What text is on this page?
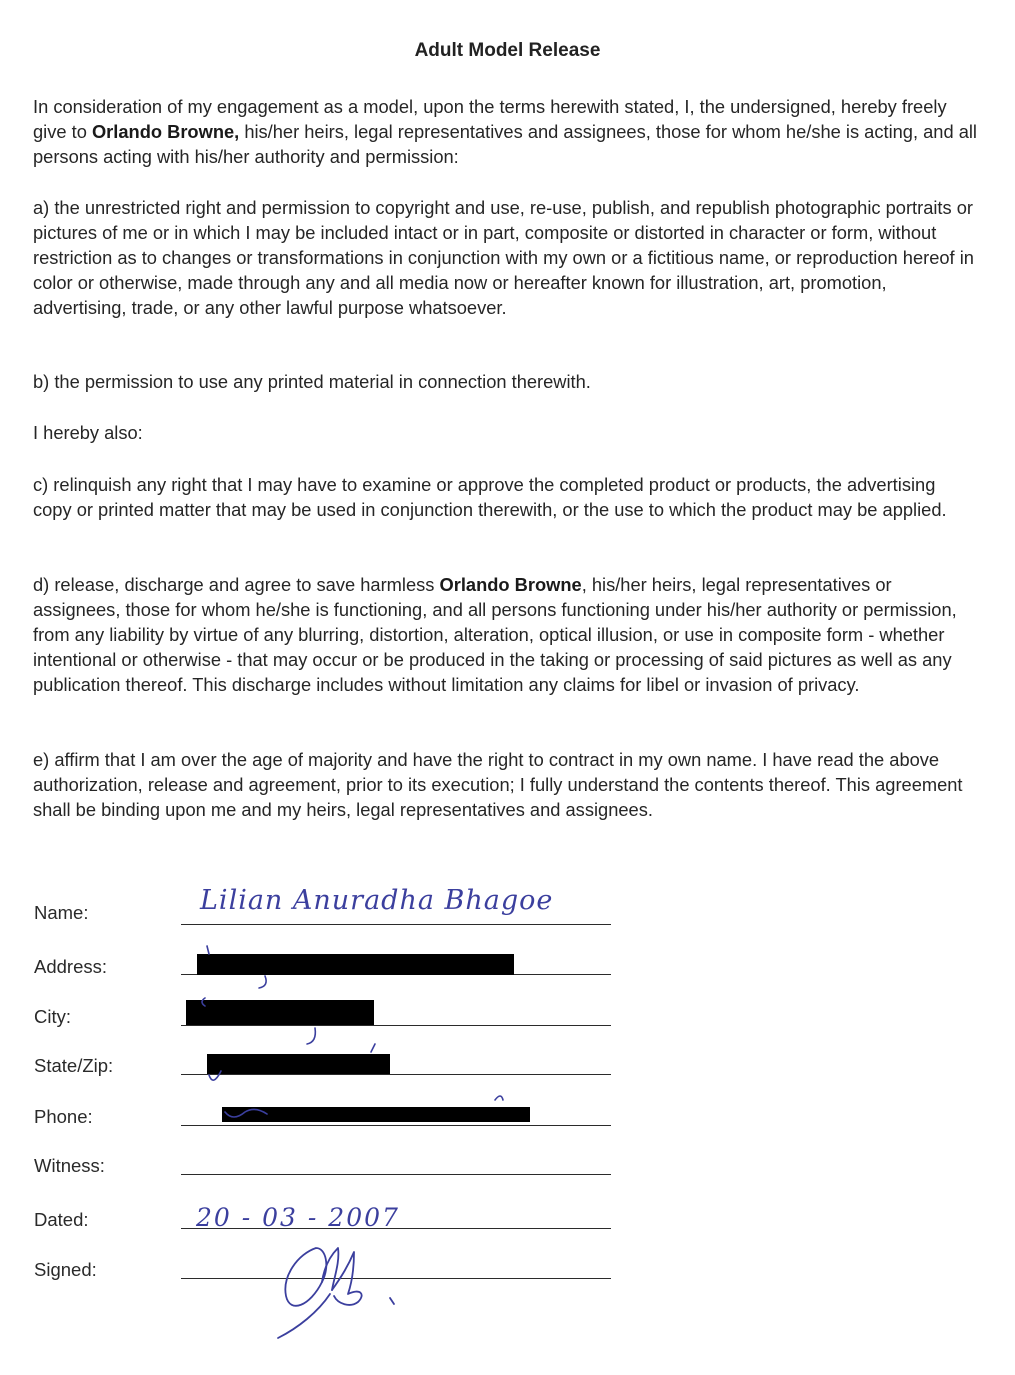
Adult Model Release

In consideration of my engagement as a model, upon the terms herewith stated, I, the undersigned, hereby freely give to Orlando Browne, his/her heirs, legal representatives and assignees, those for whom he/she is acting, and all persons acting with his/her authority and permission:

a) the unrestricted right and permission to copyright and use, re-use, publish, and republish photographic portraits or pictures of me or in which I may be included intact or in part, composite or distorted in character or form, without restriction as to changes or transformations in conjunction with my own or a fictitious name, or reproduction hereof in color or otherwise, made through any and all media now or hereafter known for illustration, art, promotion, advertising, trade, or any other lawful purpose whatsoever.

b) the permission to use any printed material in connection therewith.

I hereby also:

c) relinquish any right that I may have to examine or approve the completed product or products, the advertising copy or printed matter that may be used in conjunction therewith, or the use to which the product may be applied.

d) release, discharge and agree to save harmless Orlando Browne, his/her heirs, legal representatives or assignees, those for whom he/she is functioning, and all persons functioning under his/her authority or permission, from any liability by virtue of any blurring, distortion, alteration, optical illusion, or use in composite form - whether intentional or otherwise - that may occur or be produced in the taking or processing of said pictures as well as any publication thereof. This discharge includes without limitation any claims for libel or invasion of privacy.

e) affirm that I am over the age of majority and have the right to contract in my own name. I have read the above authorization, release and agreement, prior to its execution; I fully understand the contents thereof. This agreement shall be binding upon me and my heirs, legal representatives and assignees.

Name:	Lilian Anuradha Bhagoe
Address:
City:
State/Zip:
Phone:
Witness:
Dated:	20 - 03 - 2007
Signed:
